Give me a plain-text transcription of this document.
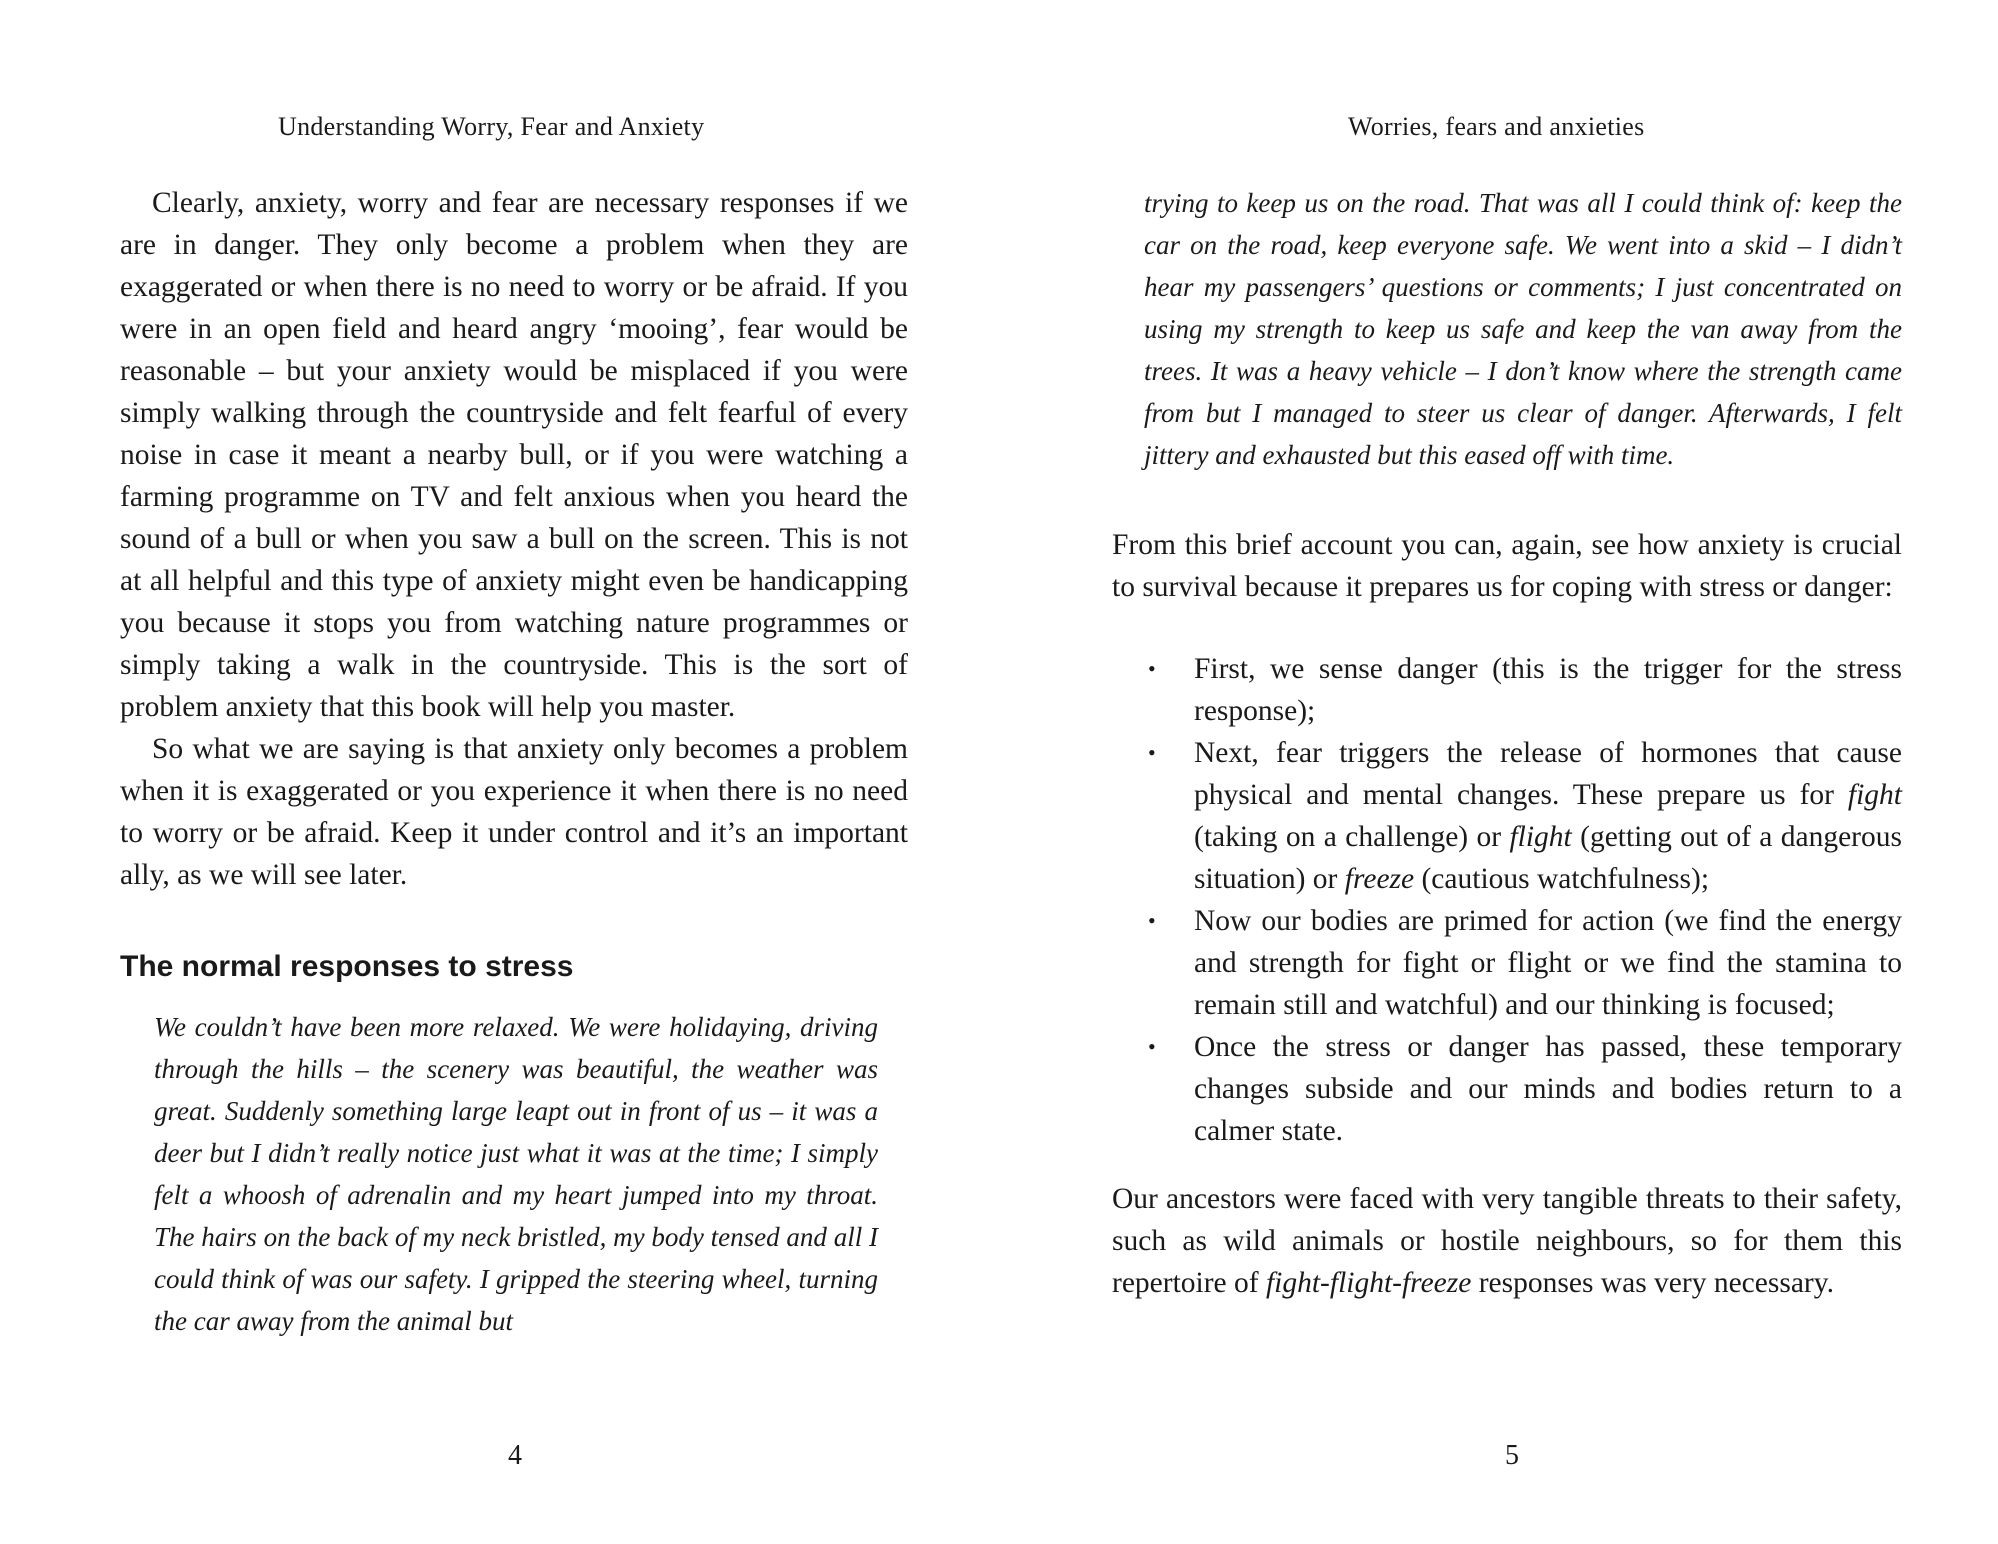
Understanding Worry, Fear and Anxiety

Clearly, anxiety, worry and fear are necessary responses if we are in danger. They only become a problem when they are exaggerated or when there is no need to worry or be afraid. If you were in an open field and heard angry ‘mooing’, fear would be reasonable – but your anxiety would be misplaced if you were simply walking through the countryside and felt fearful of every noise in case it meant a nearby bull, or if you were watching a farming programme on TV and felt anxious when you heard the sound of a bull or when you saw a bull on the screen. This is not at all helpful and this type of anxiety might even be handicapping you because it stops you from watching nature programmes or simply taking a walk in the countryside. This is the sort of problem anxiety that this book will help you master.

So what we are saying is that anxiety only becomes a problem when it is exaggerated or you experience it when there is no need to worry or be afraid. Keep it under control and it’s an important ally, as we will see later.

The normal responses to stress

We couldn’t have been more relaxed. We were holidaying, driving through the hills – the scenery was beautiful, the weather was great. Suddenly something large leapt out in front of us – it was a deer but I didn’t really notice just what it was at the time; I simply felt a whoosh of adrenalin and my heart jumped into my throat. The hairs on the back of my neck bristled, my body tensed and all I could think of was our safety. I gripped the steering wheel, turning the car away from the animal but

4
Worries, fears and anxieties

trying to keep us on the road. That was all I could think of: keep the car on the road, keep everyone safe. We went into a skid – I didn’t hear my passengers’ questions or comments; I just concentrated on using my strength to keep us safe and keep the van away from the trees. It was a heavy vehicle – I don’t know where the strength came from but I managed to steer us clear of danger. Afterwards, I felt jittery and exhausted but this eased off with time.

From this brief account you can, again, see how anxiety is crucial to survival because it prepares us for coping with stress or danger:

• First, we sense danger (this is the trigger for the stress response);
• Next, fear triggers the release of hormones that cause physical and mental changes. These prepare us for fight (taking on a challenge) or flight (getting out of a dangerous situation) or freeze (cautious watchfulness);
• Now our bodies are primed for action (we find the energy and strength for fight or flight or we find the stamina to remain still and watchful) and our thinking is focused;
• Once the stress or danger has passed, these temporary changes subside and our minds and bodies return to a calmer state.

Our ancestors were faced with very tangible threats to their safety, such as wild animals or hostile neighbours, so for them this repertoire of fight-flight-freeze responses was very necessary.

5
